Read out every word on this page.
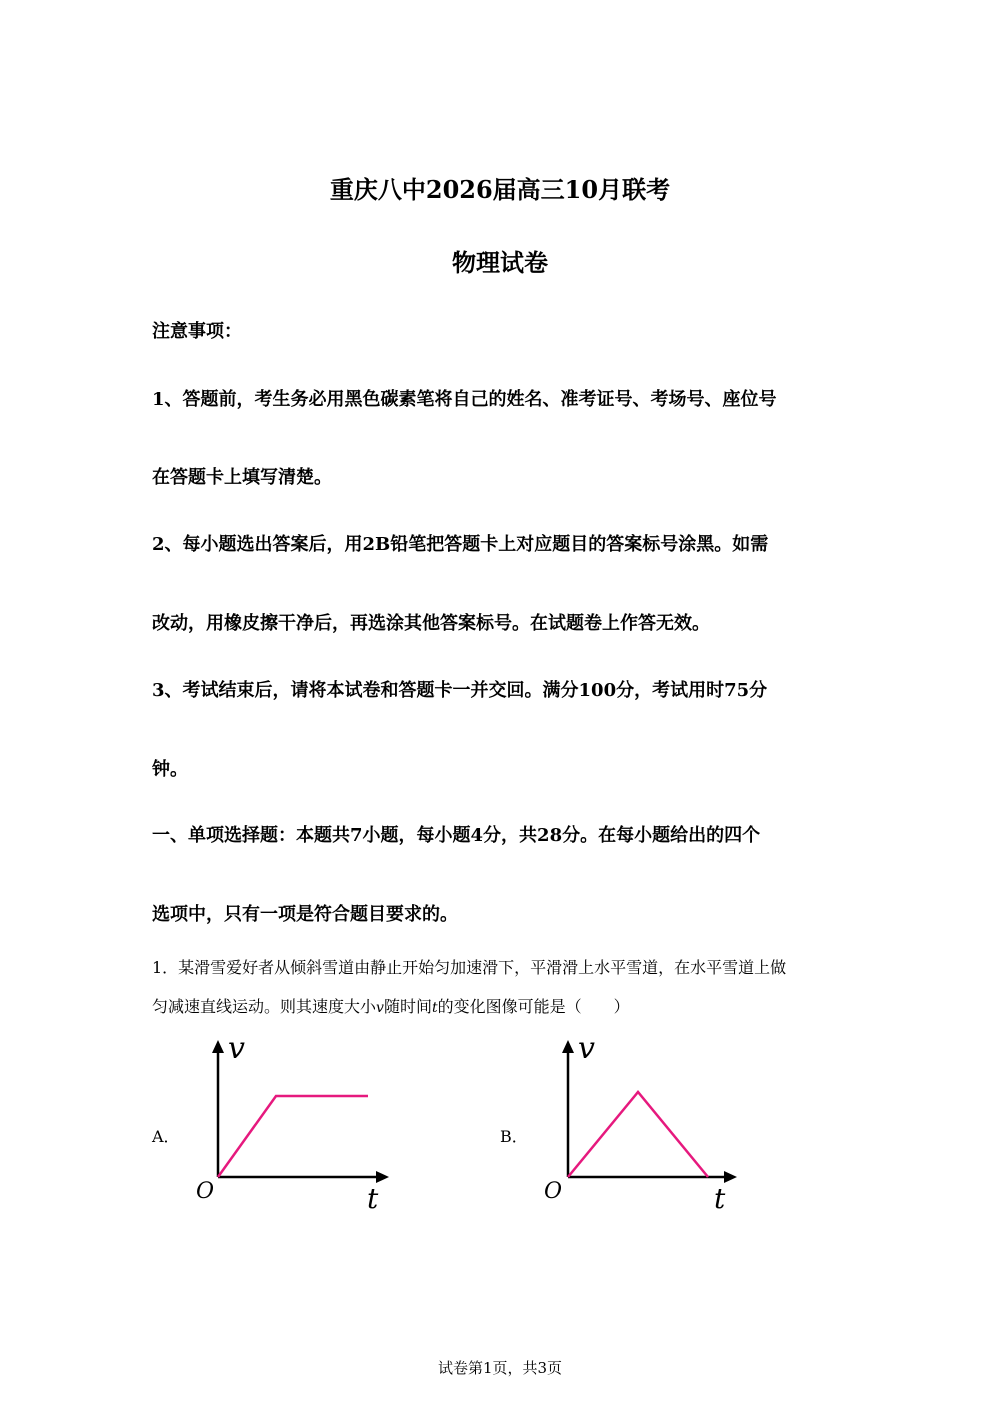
重庆八中2026届高三10月联考
物理试卷
注意事项：
1、答题前，考生务必用黑色碳素笔将自己的姓名、准考证号、考场号、座位号
在答题卡上填写清楚。
2、每小题选出答案后，用2B铅笔把答题卡上对应题目的答案标号涂黑。如需
改动，用橡皮擦干净后，再选涂其他答案标号。在试题卷上作答无效。
3、考试结束后，请将本试卷和答题卡一并交回。满分100分，考试用时75分
钟。
一、单项选择题：本题共7小题，每小题4分，共28分。在每小题给出的四个
选项中，只有一项是符合题目要求的。
1．某滑雪爱好者从倾斜雪道由静止开始匀加速滑下，平滑滑上水平雪道，在水平雪道上做
匀减速直线运动。则其速度大小v随时间t的变化图像可能是（　　）
A．
v
t
O
B．
v
t
O
试卷第1页，共3页
